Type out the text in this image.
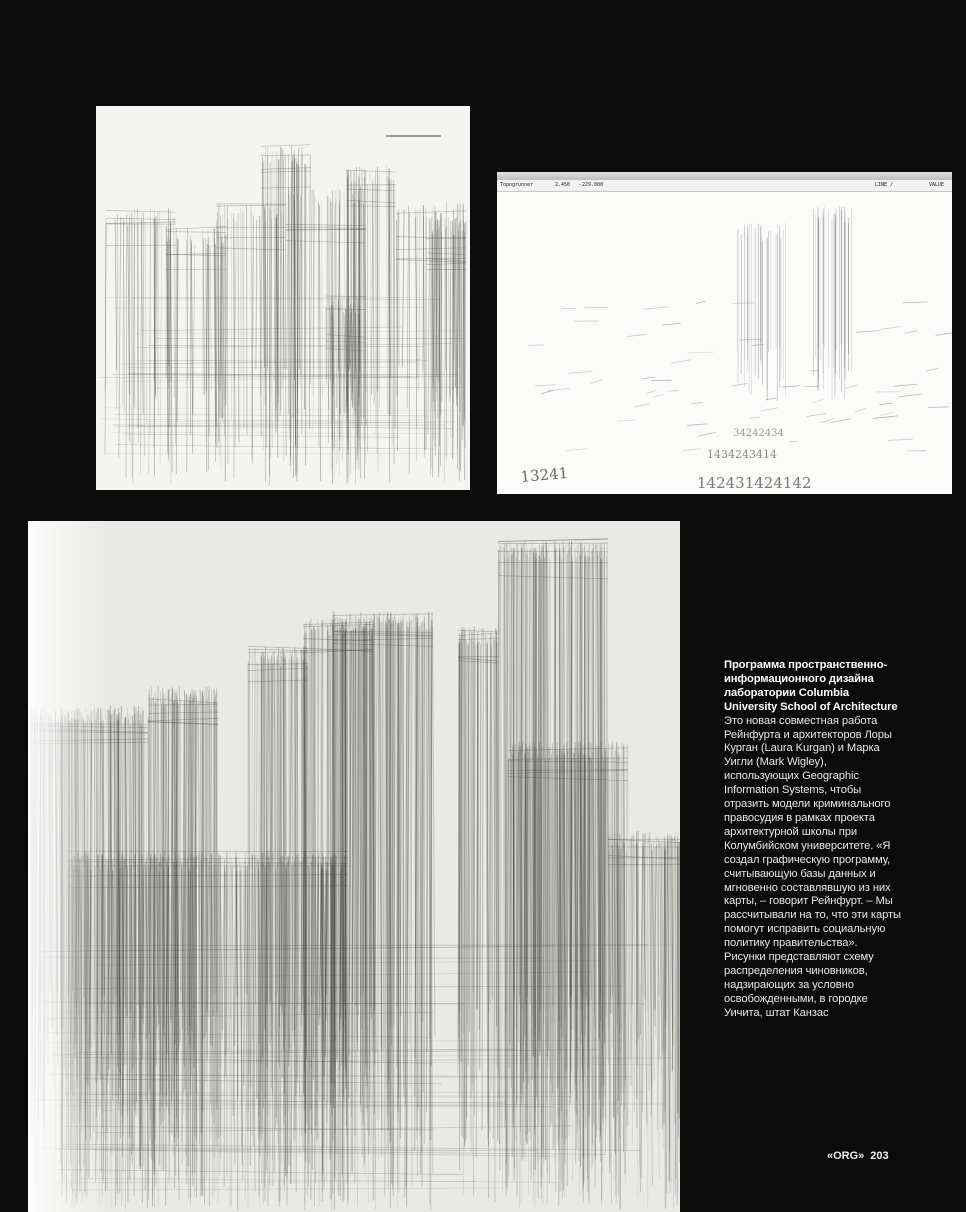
Topogrunner	2.450 -229.000	LINE /	VALUE
13241	142431424142
1434243414
34242434
Программа пространственно-информационного дизайна лаборатории Columbia University School of Architecture
Это новая совместная работа Рейнфурта и архитекторов Лоры Курган (Laura Kurgan) и Марка Уигли (Mark Wigley), использующих Geographic Information Systems, чтобы отразить модели криминального правосудия в рамках проекта архитектурной школы при Колумбийском университете. «Я создал графическую программу, считывающую базы данных и мгновенно составлявшую из них карты, – говорит Рейнфурт. – Мы рассчитывали на то, что эти карты помогут исправить социальную политику правительства». Рисунки представляют схему распределения чиновников, надзирающих за условно освобожденными, в городке Уичита, штат Канзас
«ORG» 203
